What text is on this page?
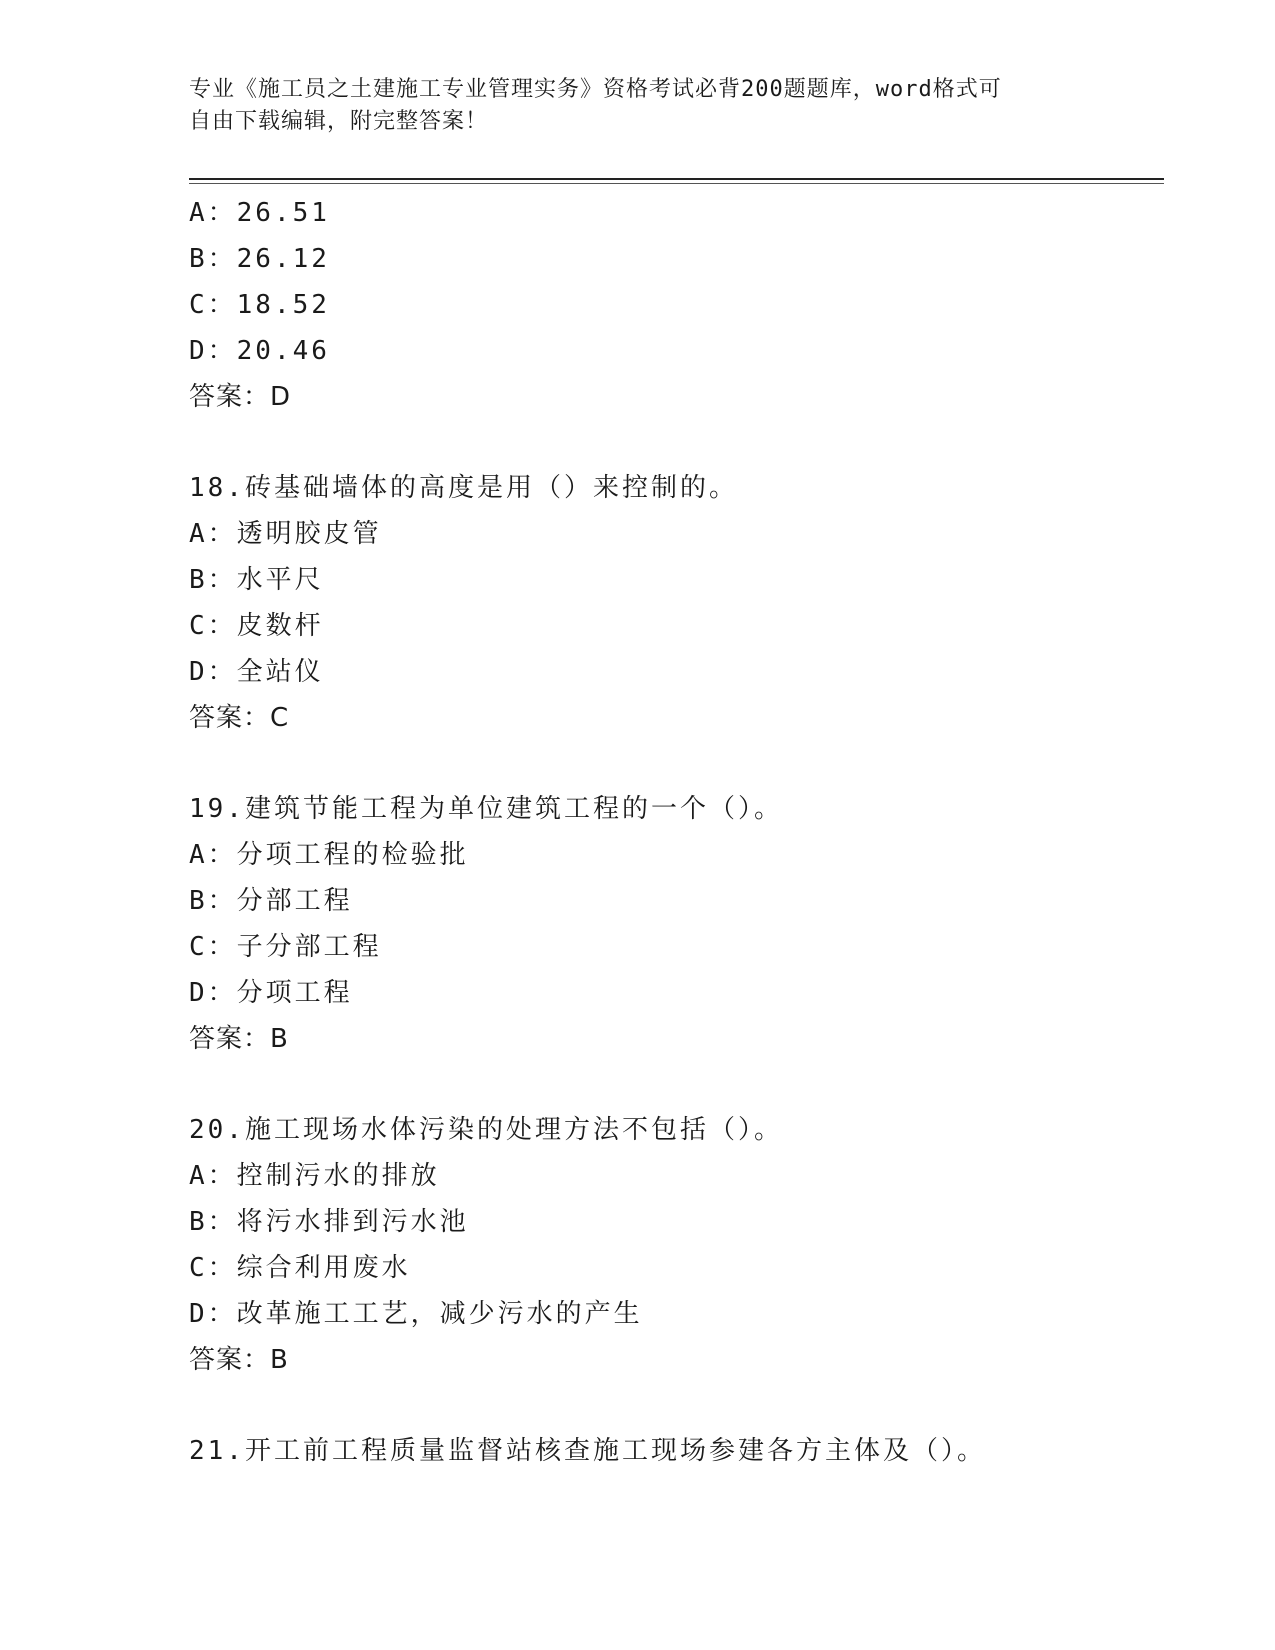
专业《施工员之土建施工专业管理实务》资格考试必背200题题库，word格式可
自由下载编辑，附完整答案！
A：26.51
B：26.12
C：18.52
D：20.46
答案：D
18.砖基础墙体的高度是用（）来控制的。
A：透明胶皮管
B：水平尺
C：皮数杆
D：全站仪
答案：C
19.建筑节能工程为单位建筑工程的一个（）。
A：分项工程的检验批
B：分部工程
C：子分部工程
D：分项工程
答案：B
20.施工现场水体污染的处理方法不包括（）。
A：控制污水的排放
B：将污水排到污水池
C：综合利用废水
D：改革施工工艺，减少污水的产生
答案：B
21.开工前工程质量监督站核查施工现场参建各方主体及（）。
